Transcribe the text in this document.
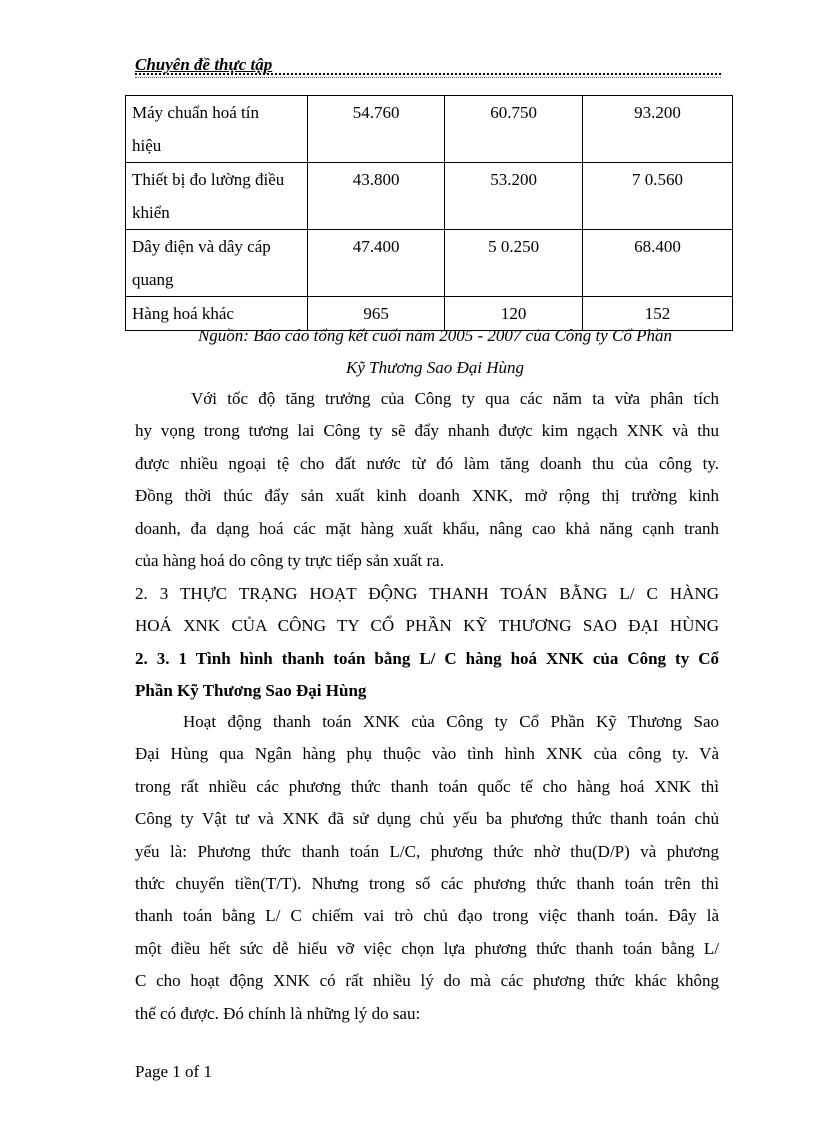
Chuyên đề thực tập
Máy chuẩn hoá tín
hiệu	54.760	60.750	93.200
Thiết bị đo lường điều
khiển	43.800	53.200	7 0.560
Dây điện và dây cáp
quang	47.400	5 0.250	68.400
Hàng hoá khác	965	120	152
Nguồn: Báo cáo tổng kết cuối năm 2005 - 2007 của Công ty Cổ Phần
Kỹ Thương Sao Đại Hùng
Với tốc độ tăng trưởng của Công ty qua các năm ta vừa phân tích
hy vọng trong tương lai Công ty sẽ đẩy nhanh được kim ngạch XNK và thu
được nhiều ngoại tệ cho đất nước từ đó làm tăng doanh thu của công ty.
Đồng thời thúc đẩy sản xuất kinh doanh XNK, mở rộng thị trường kinh
doanh, đa dạng hoá các mặt hàng xuất khẩu, nâng cao khả năng cạnh tranh
của hàng hoá do công ty trực tiếp sản xuất ra.
2. 3 THỰC TRẠNG HOẠT ĐỘNG THANH TOÁN BẰNG L/ C HÀNG
HOÁ XNK CỦA CÔNG TY CỔ PHẦN KỸ THƯƠNG SAO ĐẠI HÙNG
2. 3. 1 Tình hình thanh toán bằng L/ C hàng hoá XNK của Công ty Cổ
Phần Kỹ Thương Sao Đại Hùng
Hoạt động thanh toán XNK của Công ty Cổ Phần Kỹ Thương Sao
Đại Hùng qua Ngân hàng phụ thuộc vào tình hình XNK của công ty. Và
trong rất nhiều các phương thức thanh toán quốc tế cho hàng hoá XNK thì
Công ty Vật tư và XNK đã sử dụng chủ yếu ba phương thức thanh toán chủ
yếu là: Phương thức thanh toán L/C, phương thức nhờ thu(D/P) và phương
thức chuyển tiền(T/T). Nhưng trong số các phương thức thanh toán trên thì
thanh toán bằng L/ C chiếm vai trò chủ đạo trong việc thanh toán. Đây là
một điều hết sức dễ hiểu vỡ việc chọn lựa phương thức thanh toán bằng L/
C cho hoạt động XNK có rất nhiều lý do mà các phương thức khác không
thể có được. Đó chính là những lý do sau:
Page 1 of 1
